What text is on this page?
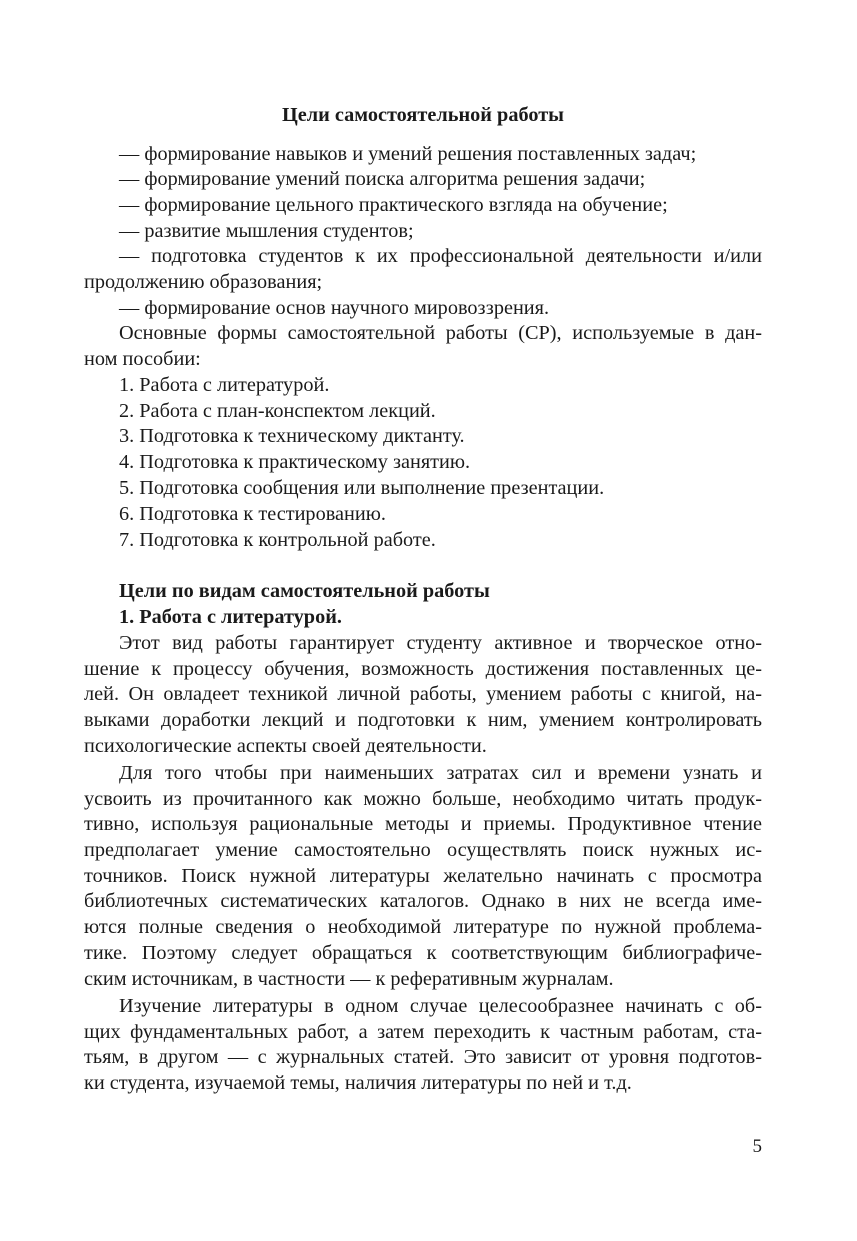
Цели самостоятельной работы
— формирование навыков и умений решения поставленных задач;
— формирование умений поиска алгоритма решения задачи;
— формирование цельного практического взгляда на обучение;
— развитие мышления студентов;
— подготовка студентов к их профессиональной деятельности и/или
продолжению образования;
— формирование основ научного мировоззрения.
Основные формы самостоятельной работы (СР), используемые в дан-
ном пособии:
1. Работа с литературой.
2. Работа с план-конспектом лекций.
3. Подготовка к техническому диктанту.
4. Подготовка к практическому занятию.
5. Подготовка сообщения или выполнение презентации.
6. Подготовка к тестированию.
7. Подготовка к контрольной работе.
Цели по видам самостоятельной работы
1. Работа с литературой.
Этот вид работы гарантирует студенту активное и творческое отно-
шение к процессу обучения, возможность достижения поставленных це-
лей. Он овладеет техникой личной работы, умением работы с книгой, на-
выками доработки лекций и подготовки к ним, умением контролировать
психологические аспекты своей деятельности.
Для того чтобы при наименьших затратах сил и времени узнать и
усвоить из прочитанного как можно больше, необходимо читать продук-
тивно, используя рациональные методы и приемы. Продуктивное чтение
предполагает умение самостоятельно осуществлять поиск нужных ис-
точников. Поиск нужной литературы желательно начинать с просмотра
библиотечных систематических каталогов. Однако в них не всегда име-
ются полные сведения о необходимой литературе по нужной проблема-
тике. Поэтому следует обращаться к соответствующим библиографиче-
ским источникам, в частности — к реферативным журналам.
Изучение литературы в одном случае целесообразнее начинать с об-
щих фундаментальных работ, а затем переходить к частным работам, ста-
тьям, в другом — с журнальных статей. Это зависит от уровня подготов-
ки студента, изучаемой темы, наличия литературы по ней и т.д.
5
